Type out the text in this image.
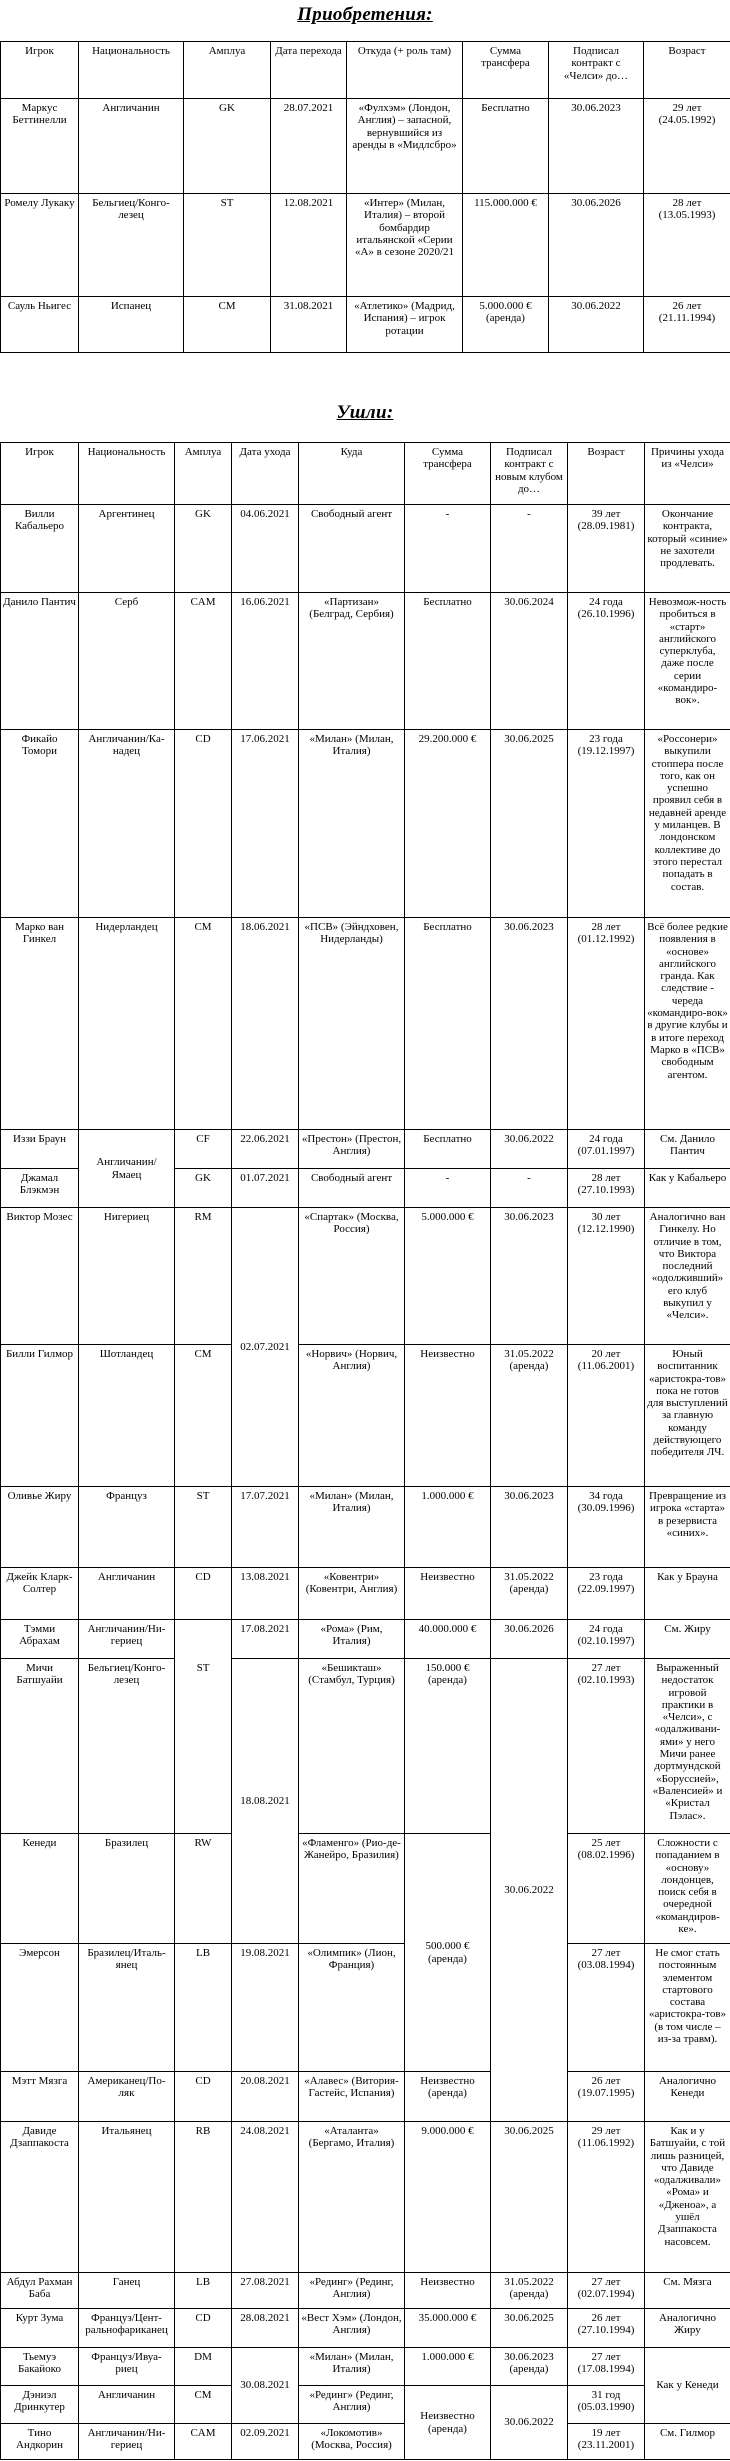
Приобретения:
Игрок	Национальность	Амплуа	Дата перехода	Откуда (+ роль там)	Сумма трансфера	Подписал контракт с «Челси» до…	Возраст
Маркус Беттинелли	Англичанин	GK	28.07.2021	«Фулхэм» (Лондон, Англия) – запасной, вернувшийся из аренды в «Мидлсбро»	Бесплатно	30.06.2023	29 лет (24.05.1992)
Ромелу Лукаку	Бельгиец/Конго-лезец	ST	12.08.2021	«Интер» (Милан, Италия) – второй бомбардир итальянской «Серии «А» в сезоне 2020/21	115.000.000 €	30.06.2026	28 лет (13.05.1993)
Сауль Ньигес	Испанец	CM	31.08.2021	«Атлетико» (Мадрид, Испания) – игрок ротации	5.000.000 € (аренда)	30.06.2022	26 лет (21.11.1994)
Ушли:
Игрок	Национальность	Амплуа	Дата ухода	Куда	Сумма трансфера	Подписал контракт с новым клубом до…	Возраст	Причины ухода из «Челси»
Вилли Кабальеро	Аргентинец	GK	04.06.2021	Свободный агент	-	-	39 лет (28.09.1981)	Окончание контракта, который «синие» не захотели продлевать.
Данило Пантич	Серб	CAM	16.06.2021	«Партизан» (Белград, Сербия)	Бесплатно	30.06.2024	24 года (26.10.1996)	Невозмож-ность пробиться в «старт» английского суперклуба, даже после серии «командиро-вок».
Фикайо Томори	Англичанин/Ка-надец	CD	17.06.2021	«Милан» (Милан, Италия)	29.200.000 €	30.06.2025	23 года (19.12.1997)	«Россонери» выкупили стоппера после того, как он успешно проявил себя в недавней аренде у миланцев. В лондонском коллективе до этого перестал попадать в состав.
Марко ван Гинкел	Нидерландец	CM	18.06.2021	«ПСВ» (Эйндховен, Нидерланды)	Бесплатно	30.06.2023	28 лет (01.12.1992)	Всё более редкие появления в «основе» английского гранда. Как следствие - череда «командиро-вок» в другие клубы и в итоге переход Марко в «ПСВ» свободным агентом.
Иззи Браун	Англичанин/ Ямаец	CF	22.06.2021	«Престон» (Престон, Англия)	Бесплатно	30.06.2022	24 года (07.01.1997)	См. Данило Пантич
Джамал Блэкмэн		GK	01.07.2021	Свободный агент	-	-	28 лет (27.10.1993)	Как у Кабальеро
Виктор Мозес	Нигериец	RM	02.07.2021	«Спартак» (Москва, Россия)	5.000.000 €	30.06.2023	30 лет (12.12.1990)	Аналогично ван Гинкелу. Но отличие в том, что Виктора последний «одолживший» его клуб выкупил у «Челси».
Билли Гилмор	Шотландец	CM		«Норвич» (Норвич, Англия)	Неизвестно	31.05.2022 (аренда)	20 лет (11.06.2001)	Юный воспитанник «аристокра-тов» пока не готов для выступлений за главную команду действующего победителя ЛЧ.
Оливье Жиру	Француз	ST	17.07.2021	«Милан» (Милан, Италия)	1.000.000 €	30.06.2023	34 года (30.09.1996)	Превращение из игрока «старта» в резервиста «синих».
Джейк Кларк-Солтер	Англичанин	CD	13.08.2021	«Ковентри» (Ковентри, Англия)	Неизвестно	31.05.2022 (аренда)	23 года (22.09.1997)	Как у Брауна
Тэмми Абрахам	Англичанин/Ни-гериец	ST	17.08.2021	«Рома» (Рим, Италия)	40.000.000 €	30.06.2026	24 года (02.10.1997)	См. Жиру
Мичи Батшуайи	Бельгиец/Конго-лезец		18.08.2021	«Бешикташ» (Стамбул, Турция)	150.000 € (аренда)	30.06.2022	27 лет (02.10.1993)	Выраженный недостаток игровой практики в «Челси», с «одалживани-ями» у него Мичи ранее дортмундской «Боруссией», «Валенсией» и «Кристал Пэлас».
Кенеди	Бразилец	RW		«Фламенго» (Рио-де-Жанейро, Бразилия)	500.000 € (аренда)		25 лет (08.02.1996)	Сложности с попаданием в «основу» лондонцев, поиск себя в очередной «командиров-ке».
Эмерсон	Бразилец/Италь-янец	LB	19.08.2021	«Олимпик» (Лион, Франция)			27 лет (03.08.1994)	Не смог стать постоянным элементом стартового состава «аристокра-тов» (в том числе – из-за травм).
Мэтт Мязга	Американец/По-ляк	CD	20.08.2021	«Алавес» (Витория-Гастейс, Испания)	Неизвестно (аренда)		26 лет (19.07.1995)	Аналогично Кенеди
Давиде Дзаппакоста	Итальянец	RB	24.08.2021	«Аталанта» (Бергамо, Италия)	9.000.000 €	30.06.2025	29 лет (11.06.1992)	Как и у Батшуайи, с той лишь разницей, что Давиде «одалживали» «Рома» и «Дженоа», а ушёл Дзаппакоста насовсем.
Абдул Рахман Баба	Ганец	LB	27.08.2021	«Рединг» (Рединг, Англия)	Неизвестно	31.05.2022 (аренда)	27 лет (02.07.1994)	См. Мязга
Курт Зума	Француз/Цент-ральнофариканец	CD	28.08.2021	«Вест Хэм» (Лондон, Англия)	35.000.000 €	30.06.2025	26 лет (27.10.1994)	Аналогично Жиру
Тьемуэ Бакайоко	Француз/Ивуа-риец	DM	30.08.2021	«Милан» (Милан, Италия)	1.000.000 €	30.06.2023 (аренда)	27 лет (17.08.1994)	Как у Кенеди
Дэниэл Дринкутер	Англичанин	CM		«Рединг» (Рединг, Англия)	Неизвестно (аренда)	30.06.2022	31 год (05.03.1990)	
Тино Андкорин	Англичанин/Ни-гериец	CAM	02.09.2021	«Локомотив» (Москва, Россия)			19 лет (23.11.2001)	См. Гилмор
